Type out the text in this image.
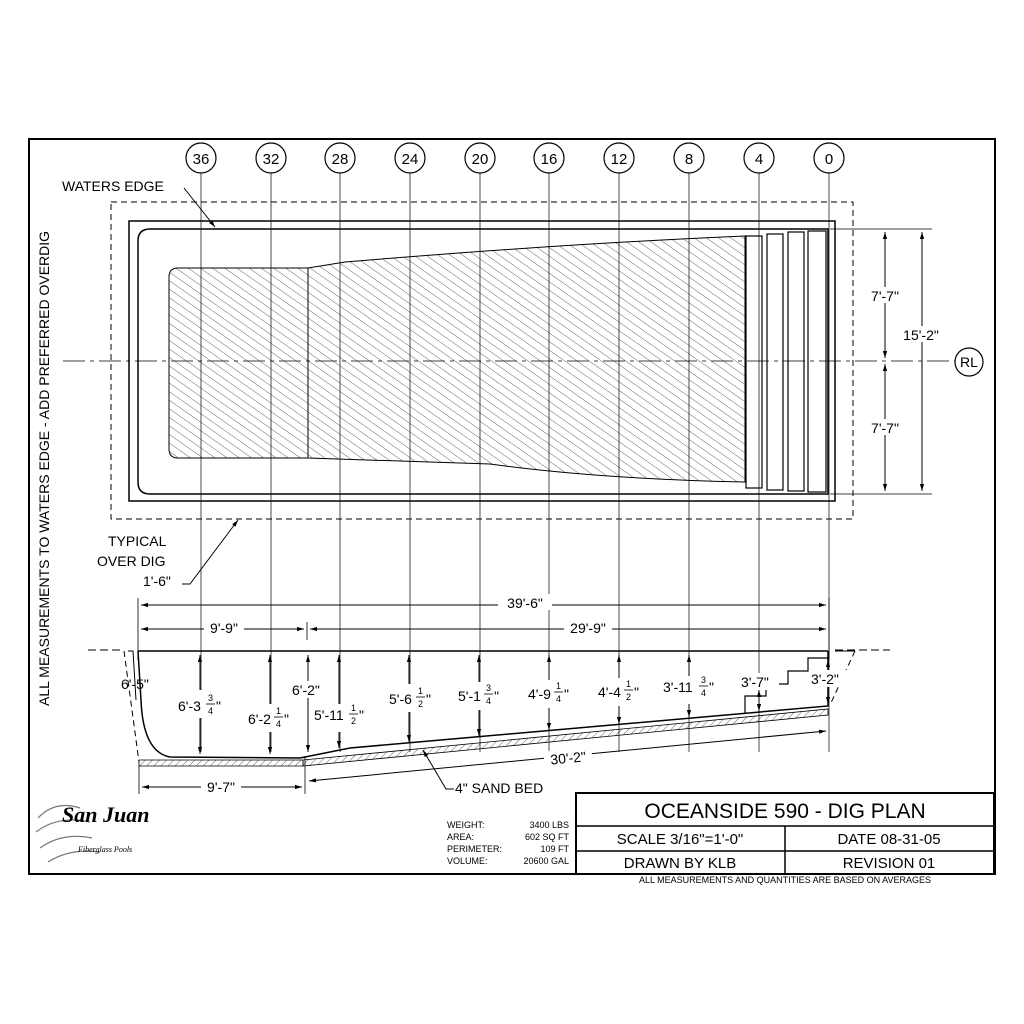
ALL MEASUREMENTS TO WATERS EDGE - ADD PREFERRED OVERDIG	RL
WATERS EDGE
TYPICAL
OVER DIG
1'-6"
7'-7"
7'-7"
15'-2"
36	32	28	24	20	16	12	8	4	0
39'-6"
9'-9"	29'-9"
9'-7"
30'-2"
4" SAND BED
6'-5"
6'-3 3
4 "
6'-2 1
4 "
6'-2"
5'-11 1
2 "
5'-6 1
2 " 5'-1 3
4 " 4'-9 1
4 " 4'-4 1
2 " 3'-11 3
4 " 3'-7"	3'-2"
San Juan
Fiberglass Pools
WEIGHT:	3400 LBS
AREA:	602 SQ FT
PERIMETER:	109 FT
VOLUME:	20600 GAL
OCEANSIDE 590 - DIG PLAN
SCALE 3/16"=1'-0"	DATE 08-31-05
DRAWN BY KLB	REVISION 01
ALL MEASUREMENTS AND QUANTITIES ARE BASED ON AVERAGES
